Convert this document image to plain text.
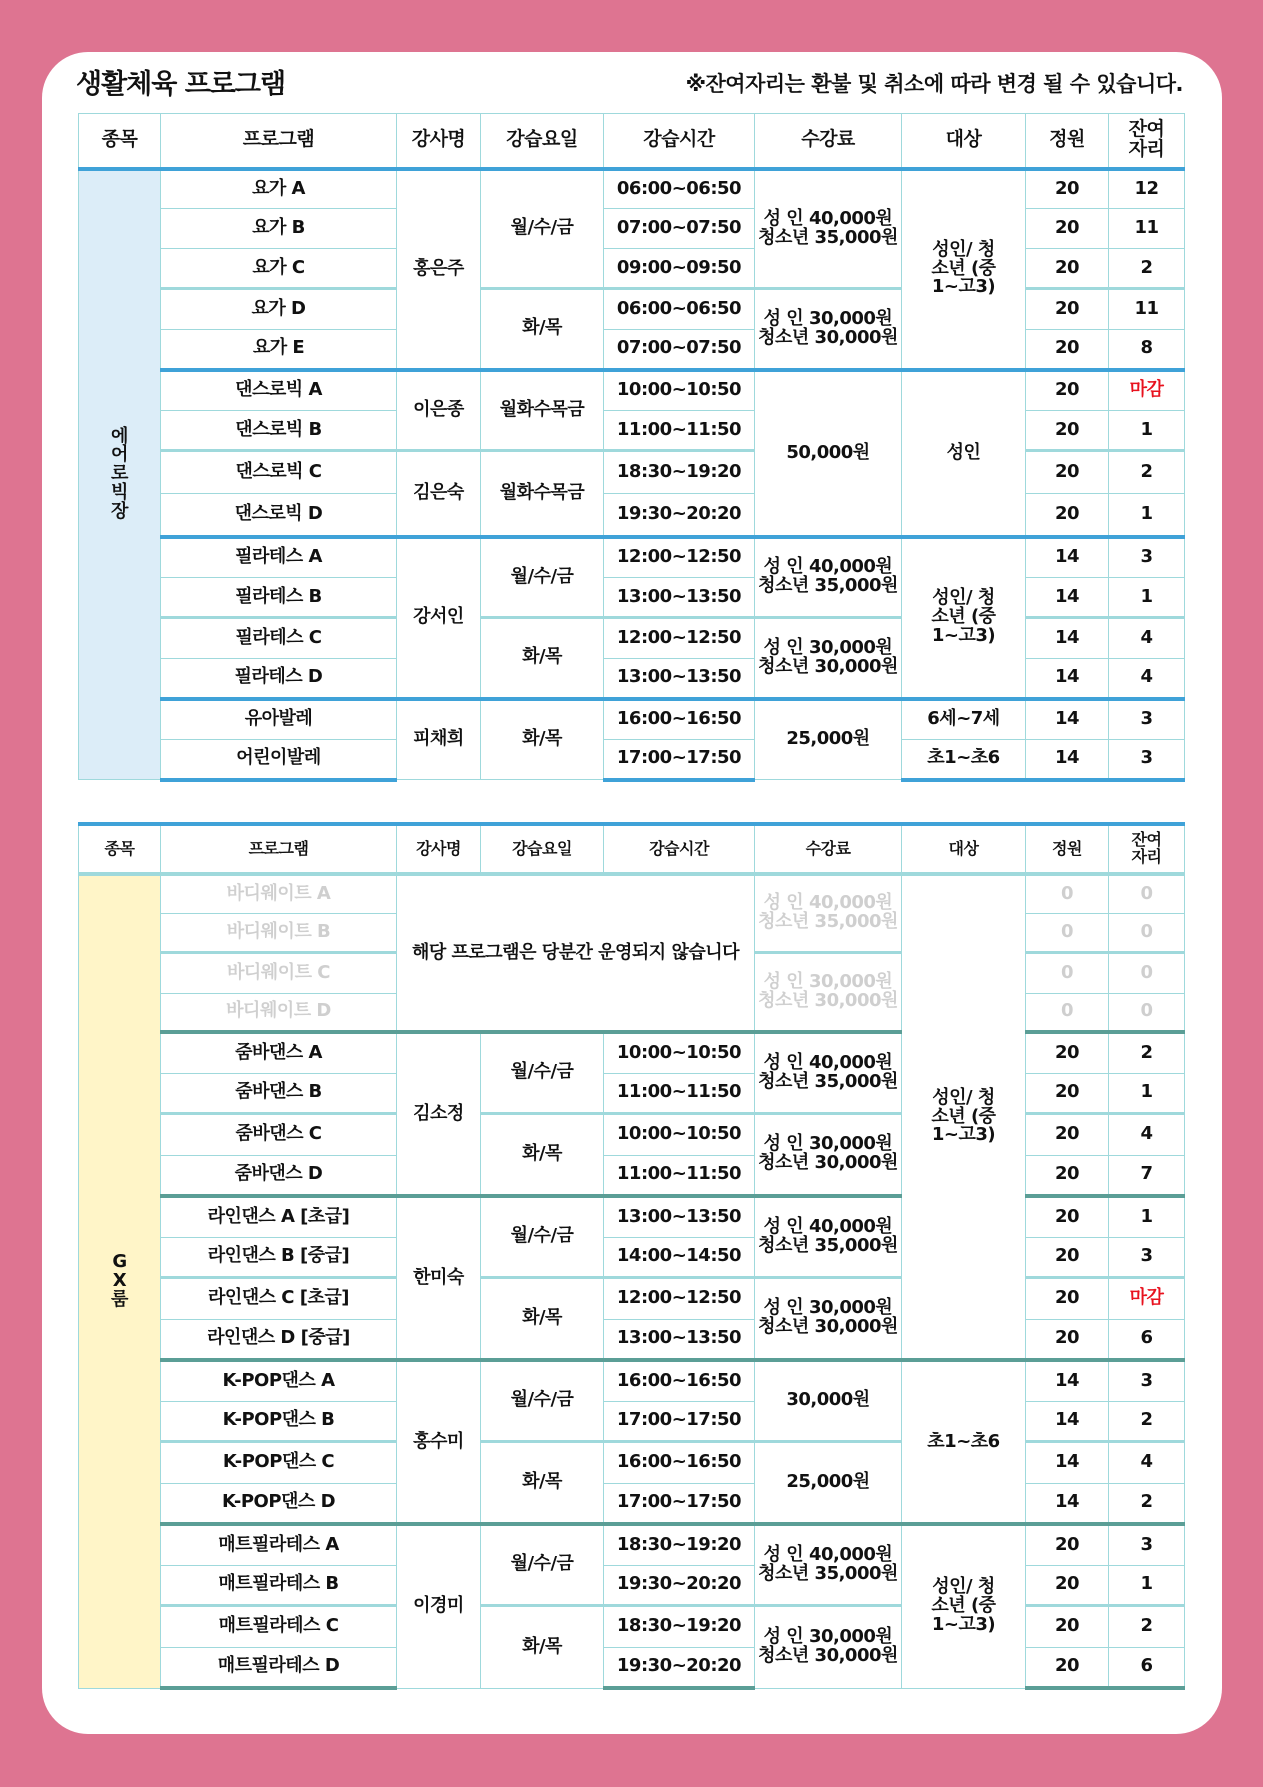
생활체육 프로그램	※잔여자리는 환불 및 취소에 따라 변경 될 수 있습니다.
종목	프로그램	강사명	강습요일	강습시간	수강료	대상	정원	잔여자리

에어로빅장	요가 A	홍은주	월/수/금	06:00~06:50	성 인 40,000원 청소년 35,000원	성인/ 청소년 (중1~고3)	20	12
	요가 B			07:00~07:50			20	11
	요가 C			09:00~09:50			20	2
	요가 D		화/목	06:00~06:50	성 인 30,000원 청소년 30,000원		20	11
	요가 E			07:00~07:50			20	8
	댄스로빅 A	이은종	월화수목금	10:00~10:50	50,000원	성인	20	마감
	댄스로빅 B			11:00~11:50			20	1
	댄스로빅 C	김은숙	월화수목금	18:30~19:20			20	2
	댄스로빅 D			19:30~20:20			20	1
	필라테스 A	강서인	월/수/금	12:00~12:50	성 인 40,000원 청소년 35,000원	성인/ 청소년 (중1~고3)	14	3
	필라테스 B			13:00~13:50			14	1
	필라테스 C		화/목	12:00~12:50	성 인 30,000원 청소년 30,000원		14	4
	필라테스 D			13:00~13:50			14	4
	유아발레	피채희	화/목	16:00~16:50	25,000원	6세~7세	14	3
	어린이발레			17:00~17:50		초1~초6	14	3
종목	프로그램	강사명	강습요일	강습시간	수강료	대상	정원	잔여자리

GX룸	바디웨이트 A	해당 프로그램은 당분간 운영되지 않습니다			성 인 40,000원 청소년 35,000원	성인/ 청소년 (중1~고3)	0	0
	바디웨이트 B						0	0
	바디웨이트 C				성 인 30,000원 청소년 30,000원		0	0
	바디웨이트 D						0	0
	줌바댄스 A	김소정	월/수/금	10:00~10:50	성 인 40,000원 청소년 35,000원		20	2
	줌바댄스 B			11:00~11:50			20	1
	줌바댄스 C		화/목	10:00~10:50	성 인 30,000원 청소년 30,000원		20	4
	줌바댄스 D			11:00~11:50			20	7
	라인댄스 A [초급]	한미숙	월/수/금	13:00~13:50	성 인 40,000원 청소년 35,000원		20	1
	라인댄스 B [중급]			14:00~14:50			20	3
	라인댄스 C [초급]		화/목	12:00~12:50	성 인 30,000원 청소년 30,000원		20	마감
	라인댄스 D [중급]			13:00~13:50			20	6
	K-POP댄스 A	홍수미	월/수/금	16:00~16:50	30,000원	초1~초6	14	3
	K-POP댄스 B			17:00~17:50			14	2
	K-POP댄스 C		화/목	16:00~16:50	25,000원		14	4
	K-POP댄스 D			17:00~17:50			14	2
	매트필라테스 A	이경미	월/수/금	18:30~19:20	성 인 40,000원 청소년 35,000원	성인/ 청소년 (중1~고3)	20	3
	매트필라테스 B			19:30~20:20			20	1
	매트필라테스 C		화/목	18:30~19:20	성 인 30,000원 청소년 30,000원		20	2
	매트필라테스 D			19:30~20:20			20	6
